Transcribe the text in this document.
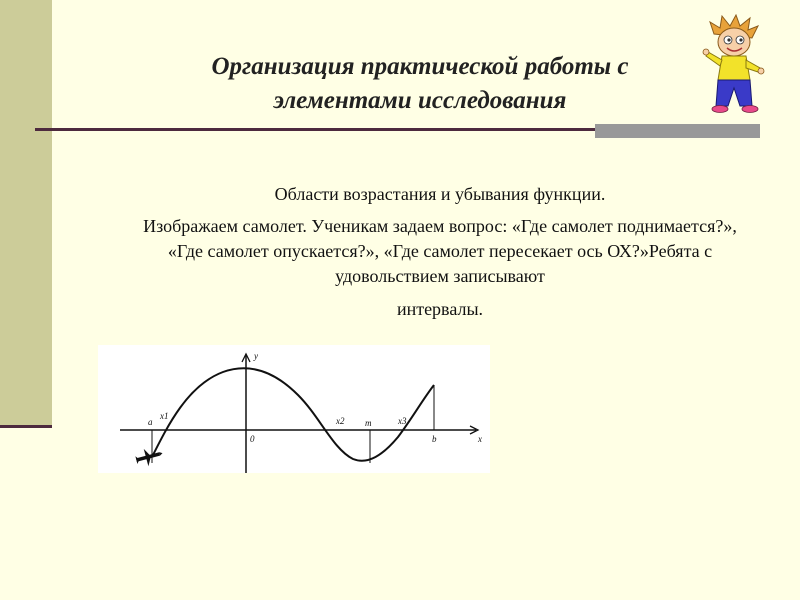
Организация практической работы с
элементами исследования

Области возрастания и убывания функции.

Изображаем самолет. Ученикам задаем вопрос: «Где самолет поднимается?», «Где самолет опускается?», «Где самолет пересекает ось ОХ?»Ребята с удовольствием записывают

интервалы.

y
x
0
a
x1	x2 m	x3
b
